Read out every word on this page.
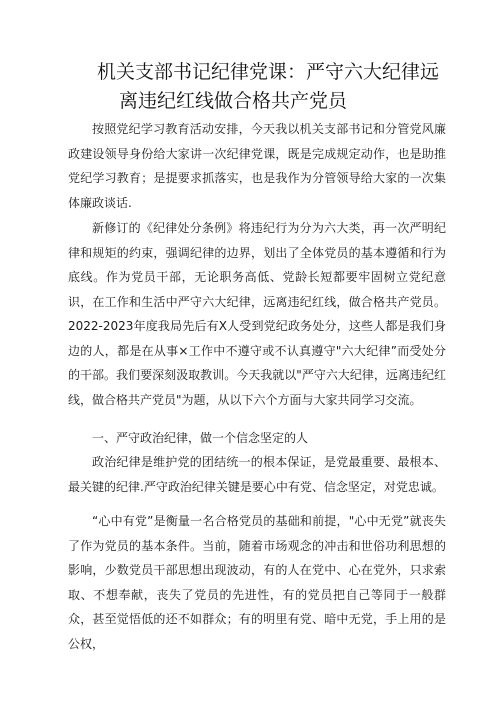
机关支部书记纪律党课：严守六大纪律远
离违纪红线做合格共产党员

按照党纪学习教育活动安排，今天我以机关支部书记和分管党风廉政建设领导身份给大家讲一次纪律党课，既是完成规定动作，也是助推党纪学习教育；是提要求抓落实，也是我作为分管领导给大家的一次集体廉政谈话.

新修订的《纪律处分条例》将违纪行为分为六大类，再一次严明纪律和规矩的约束，强调纪律的边界，划出了全体党员的基本遵循和行为底线。作为党员干部，无论职务高低、党龄长短都要牢固树立党纪意识，在工作和生活中严守六大纪律，远离违纪红线，做合格共产党员。2022-2023年度我局先后有X人受到党纪政务处分，这些人都是我们身边的人，都是在从事×工作中不遵守或不认真遵守"六大纪律”而受处分的干部。我们要深刻汲取教训。今天我就以"严守六大纪律，远离违纪红线，做合格共产党员"为题，从以下六个方面与大家共同学习交流。

一、严守政治纪律，做一个信念坚定的人

政治纪律是维护党的团结统一的根本保证，是党最重要、最根本、最关键的纪律.严守政治纪律关键是要心中有党、信念坚定，对党忠诚。

“心中有党”是衡量一名合格党员的基础和前提，"心中无党”就丧失了作为党员的基本条件。当前，随着市场观念的冲击和世俗功利思想的影响，少数党员干部思想出现波动，有的人在党中、心在党外，只求索取、不想奉献，丧失了党员的先进性，有的党员把自己等同于一般群众，甚至觉悟低的还不如群众；有的明里有党、暗中无党，手上用的是公权，
